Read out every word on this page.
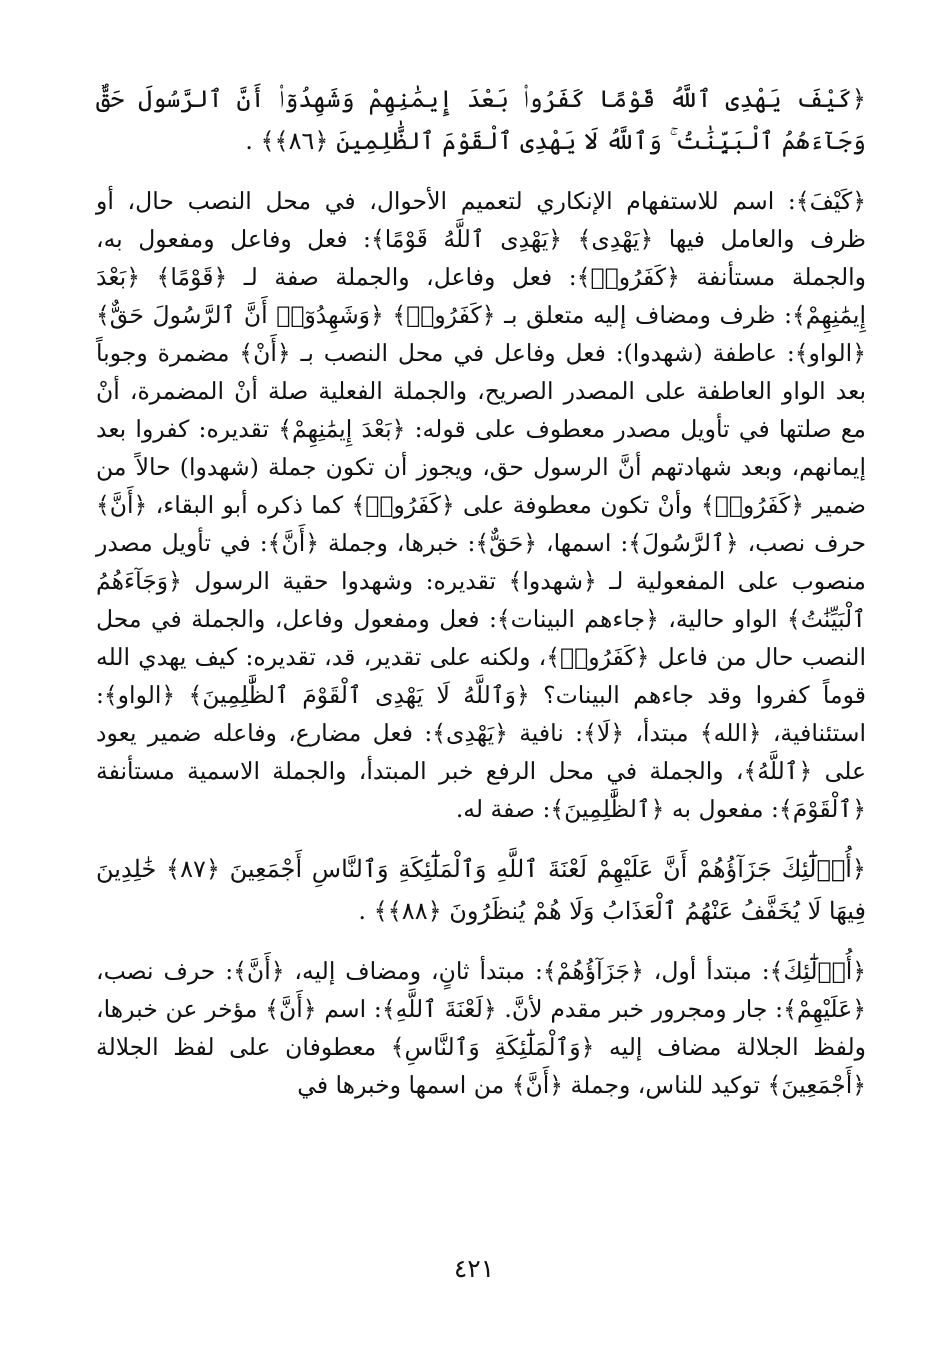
﴿كَيْفَ يَهْدِى ٱللَّهُ قَوْمًا كَفَرُوا۟ بَعْدَ إِيمَٰنِهِمْ وَشَهِدُوٓا۟ أَنَّ ٱلرَّسُولَ حَقٌّ وَجَآءَهُمُ ٱلْبَيِّنَٰتُ ۚ وَٱللَّهُ لَا يَهْدِى ٱلْقَوْمَ ٱلظَّٰلِمِينَ ﴿٨٦﴾﴾ .

﴿كَيْفَ﴾: اسم للاستفهام الإنكاري لتعميم الأحوال، في محل النصب حال، أو ظرف والعامل فيها ﴿يَهْدِى﴾ ﴿يَهْدِى ٱللَّهُ قَوْمًا﴾: فعل وفاعل ومفعول به، والجملة مستأنفة ﴿كَفَرُوا۟﴾: فعل وفاعل، والجملة صفة لـ ﴿قَوْمًا﴾ ﴿بَعْدَ إِيمَٰنِهِمْ﴾: ظرف ومضاف إليه متعلق بـ ﴿كَفَرُوا۟﴾ ﴿وَشَهِدُوٓا۟ أَنَّ ٱلرَّسُولَ حَقٌّ﴾ ﴿الواو﴾: عاطفة (شهدوا): فعل وفاعل في محل النصب بـ ﴿أَنْ﴾ مضمرة وجوباً بعد الواو العاطفة على المصدر الصريح، والجملة الفعلية صلة أنْ المضمرة، أنْ مع صلتها في تأويل مصدر معطوف على قوله: ﴿بَعْدَ إِيمَٰنِهِمْ﴾ تقديره: كفروا بعد إيمانهم، وبعد شهادتهم أنَّ الرسول حق، ويجوز أن تكون جملة (شهدوا) حالاً من ضمير ﴿كَفَرُوا۟﴾ وأنْ تكون معطوفة على ﴿كَفَرُوا۟﴾ كما ذكره أبو البقاء، ﴿أَنَّ﴾ حرف نصب، ﴿ٱلرَّسُولَ﴾: اسمها، ﴿حَقٌّ﴾: خبرها، وجملة ﴿أَنَّ﴾: في تأويل مصدر منصوب على المفعولية لـ ﴿شهدوا﴾ تقديره: وشهدوا حقية الرسول ﴿وَجَآءَهُمُ ٱلْبَيِّنَٰتُ﴾ الواو حالية، ﴿جاءهم البينات﴾: فعل ومفعول وفاعل، والجملة في محل النصب حال من فاعل ﴿كَفَرُوا۟﴾، ولكنه على تقدير، قد، تقديره: كيف يهدي الله قوماً كفروا وقد جاءهم البينات؟ ﴿وَٱللَّهُ لَا يَهْدِى ٱلْقَوْمَ ٱلظَّٰلِمِينَ﴾ ﴿الواو﴾: استئنافية، ﴿الله﴾ مبتدأ، ﴿لَا﴾: نافية ﴿يَهْدِى﴾: فعل مضارع، وفاعله ضمير يعود على ﴿ٱللَّهُ﴾، والجملة في محل الرفع خبر المبتدأ، والجملة الاسمية مستأنفة ﴿ٱلْقَوْمَ﴾: مفعول به ﴿ٱلظَّٰلِمِينَ﴾: صفة له.

﴿أُو۟لَٰٓئِكَ جَزَآؤُهُمْ أَنَّ عَلَيْهِمْ لَعْنَةَ ٱللَّهِ وَٱلْمَلَٰٓئِكَةِ وَٱلنَّاسِ أَجْمَعِينَ ﴿٨٧﴾ خَٰلِدِينَ فِيهَا لَا يُخَفَّفُ عَنْهُمُ ٱلْعَذَابُ وَلَا هُمْ يُنظَرُونَ ﴿٨٨﴾﴾ .

﴿أُو۟لَٰٓئِكَ﴾: مبتدأ أول، ﴿جَزَآؤُهُمْ﴾: مبتدأ ثانٍ، ومضاف إليه، ﴿أَنَّ﴾: حرف نصب، ﴿عَلَيْهِمْ﴾: جار ومجرور خبر مقدم لأنَّ. ﴿لَعْنَةَ ٱللَّهِ﴾: اسم ﴿أَنَّ﴾ مؤخر عن خبرها، ولفظ الجلالة مضاف إليه ﴿وَٱلْمَلَٰٓئِكَةِ وَٱلنَّاسِ﴾ معطوفان على لفظ الجلالة ﴿أَجْمَعِينَ﴾ توكيد للناس، وجملة ﴿أَنَّ﴾ من اسمها وخبرها في

٤٢١
